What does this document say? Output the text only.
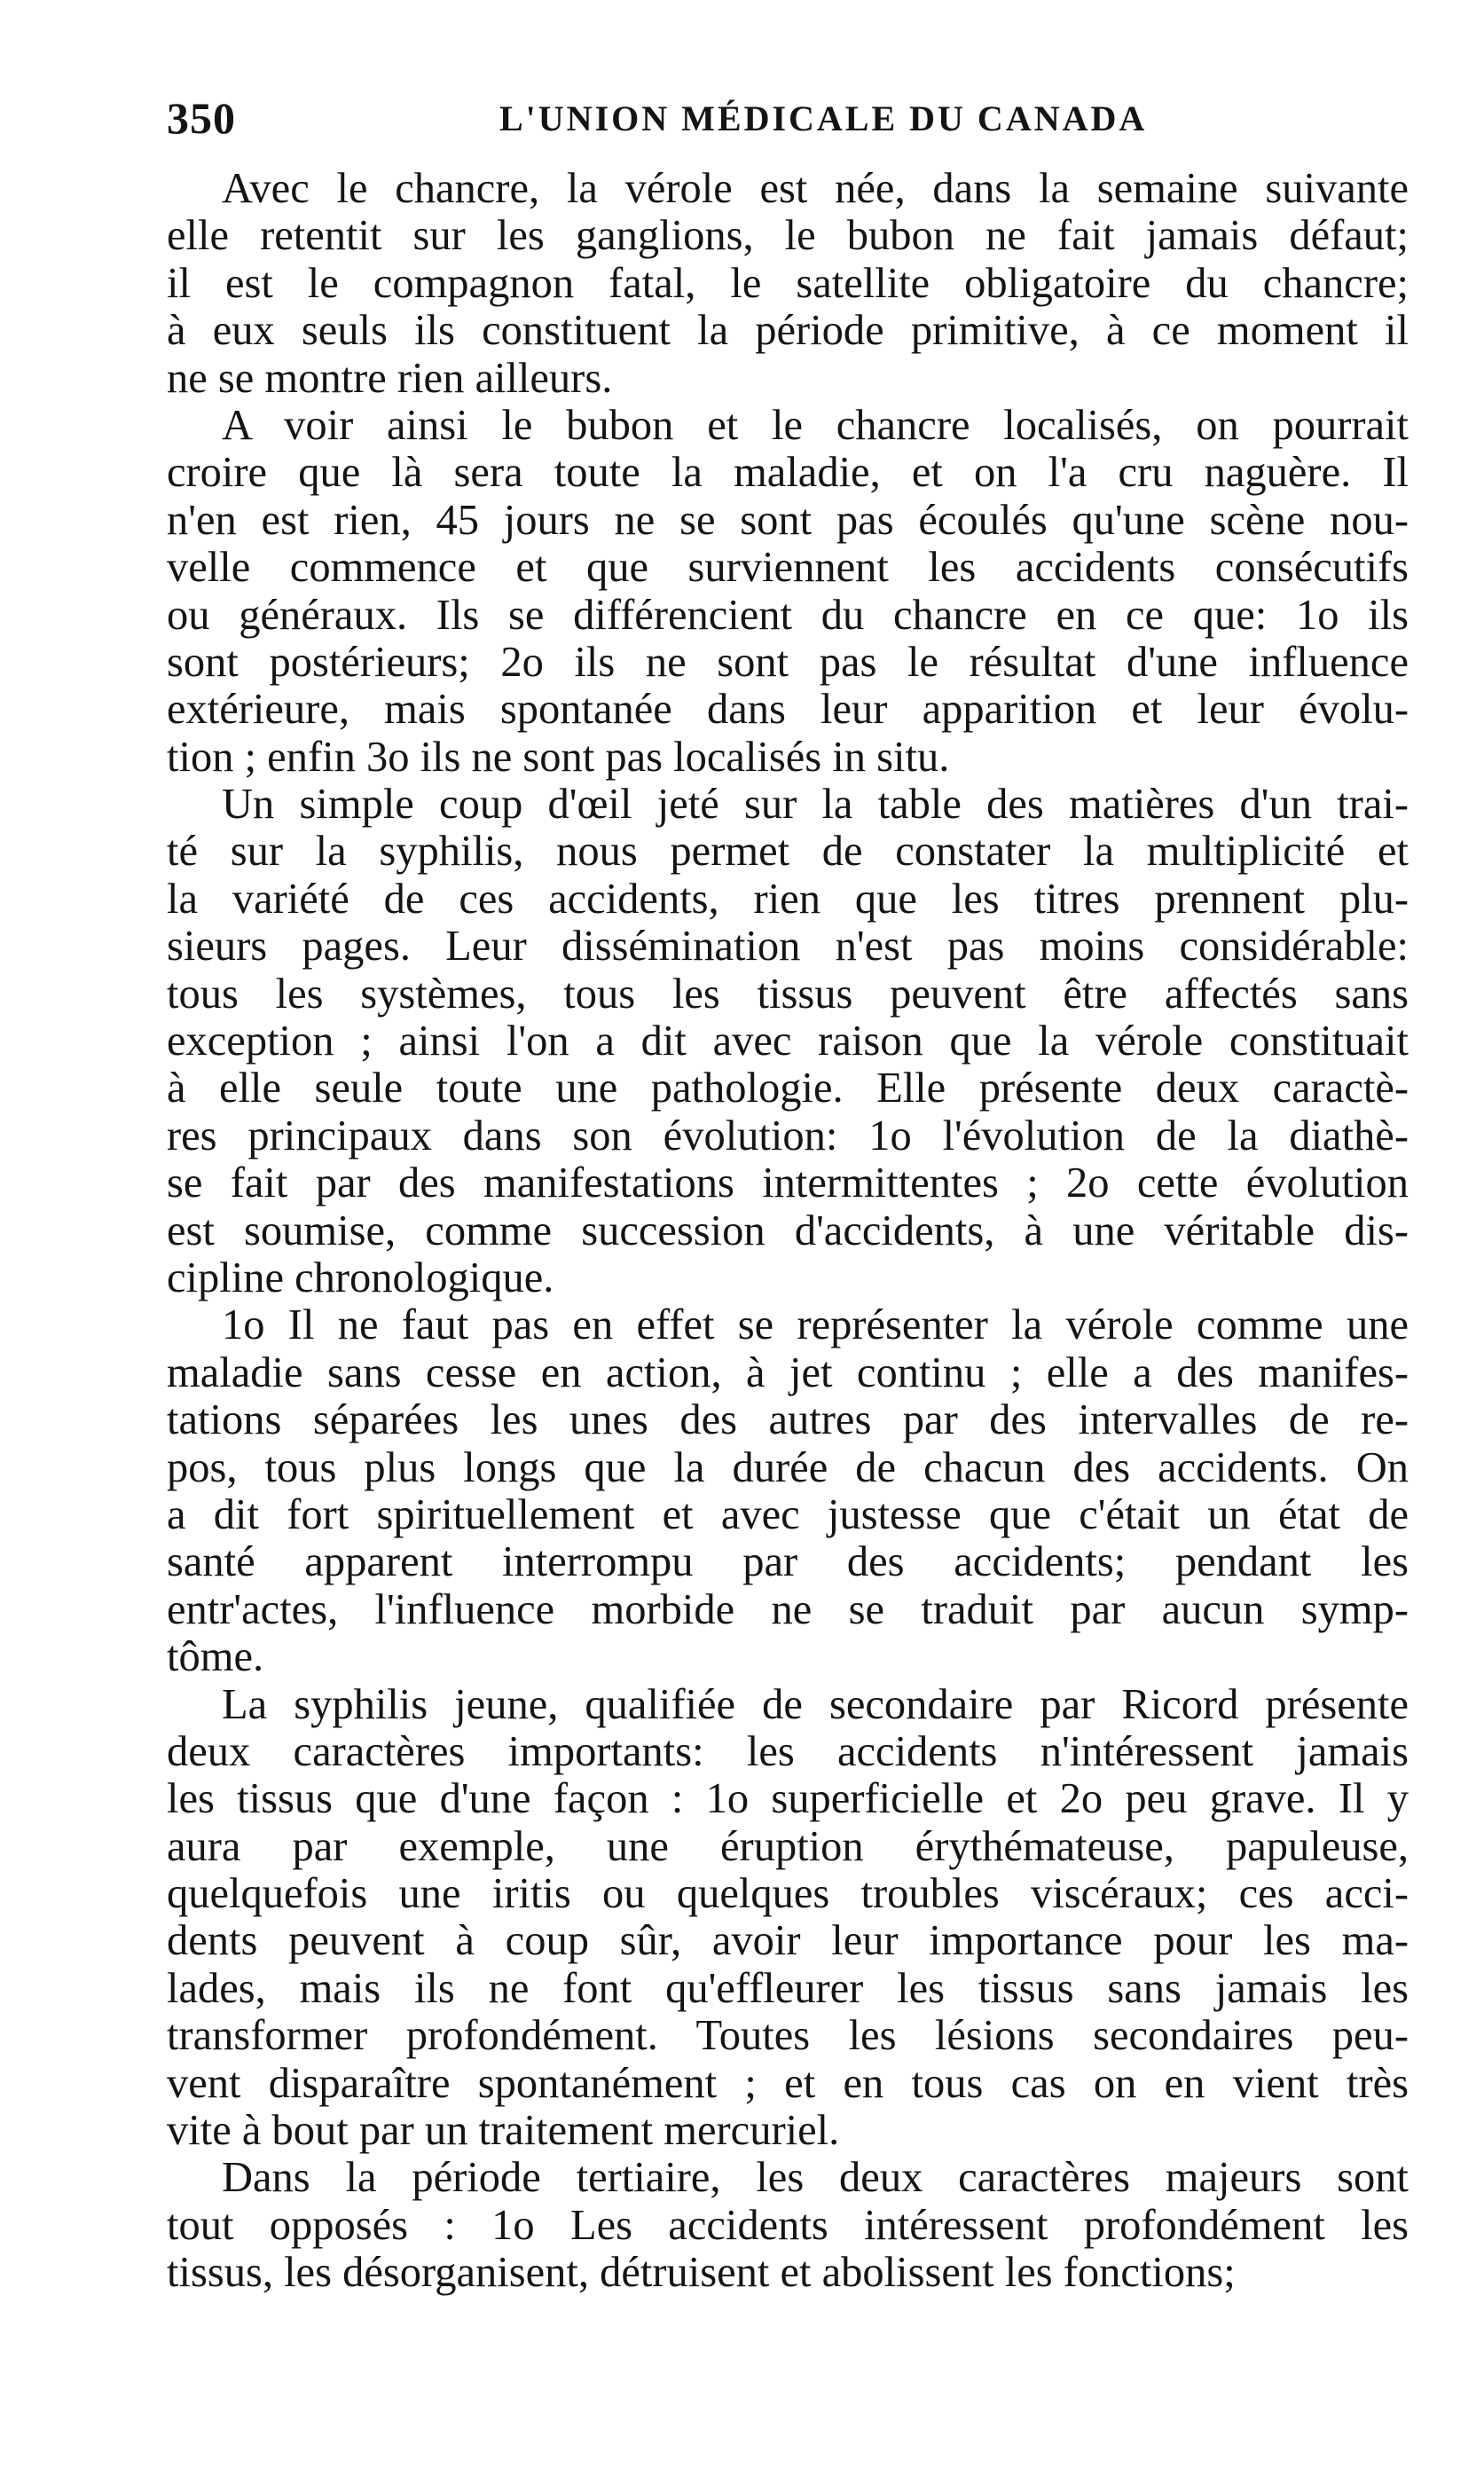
350	L'UNION MÉDICALE DU CANADA
Avec le chancre, la vérole est née, dans la semaine suivante
elle retentit sur les ganglions, le bubon ne fait jamais défaut;
il est le compagnon fatal, le satellite obligatoire du chancre;
à eux seuls ils constituent la période primitive, à ce moment il
ne se montre rien ailleurs.
A voir ainsi le bubon et le chancre localisés, on pourrait
croire que là sera toute la maladie, et on l'a cru naguère. Il
n'en est rien, 45 jours ne se sont pas écoulés qu'une scène nou-
velle commence et que surviennent les accidents consécutifs
ou généraux. Ils se différencient du chancre en ce que: 1o ils
sont postérieurs; 2o ils ne sont pas le résultat d'une influence
extérieure, mais spontanée dans leur apparition et leur évolu-
tion ; enfin 3o ils ne sont pas localisés in situ.
Un simple coup d'œil jeté sur la table des matières d'un trai-
té sur la syphilis, nous permet de constater la multiplicité et
la variété de ces accidents, rien que les titres prennent plu-
sieurs pages. Leur dissémination n'est pas moins considérable:
tous les systèmes, tous les tissus peuvent être affectés sans
exception ; ainsi l'on a dit avec raison que la vérole constituait
à elle seule toute une pathologie. Elle présente deux caractè-
res principaux dans son évolution: 1o l'évolution de la diathè-
se fait par des manifestations intermittentes ; 2o cette évolution
est soumise, comme succession d'accidents, à une véritable dis-
cipline chronologique.
1o Il ne faut pas en effet se représenter la vérole comme une
maladie sans cesse en action, à jet continu ; elle a des manifes-
tations séparées les unes des autres par des intervalles de re-
pos, tous plus longs que la durée de chacun des accidents. On
a dit fort spirituellement et avec justesse que c'était un état de
santé apparent interrompu par des accidents; pendant les
entr'actes, l'influence morbide ne se traduit par aucun symp-
tôme.
La syphilis jeune, qualifiée de secondaire par Ricord présente
deux caractères importants: les accidents n'intéressent jamais
les tissus que d'une façon : 1o superficielle et 2o peu grave. Il y
aura par exemple, une éruption érythémateuse, papuleuse,
quelquefois une iritis ou quelques troubles viscéraux; ces acci-
dents peuvent à coup sûr, avoir leur importance pour les ma-
lades, mais ils ne font qu'effleurer les tissus sans jamais les
transformer profondément. Toutes les lésions secondaires peu-
vent disparaître spontanément ; et en tous cas on en vient très
vite à bout par un traitement mercuriel.
Dans la période tertiaire, les deux caractères majeurs sont
tout opposés : 1o Les accidents intéressent profondément les
tissus, les désorganisent, détruisent et abolissent les fonctions;
